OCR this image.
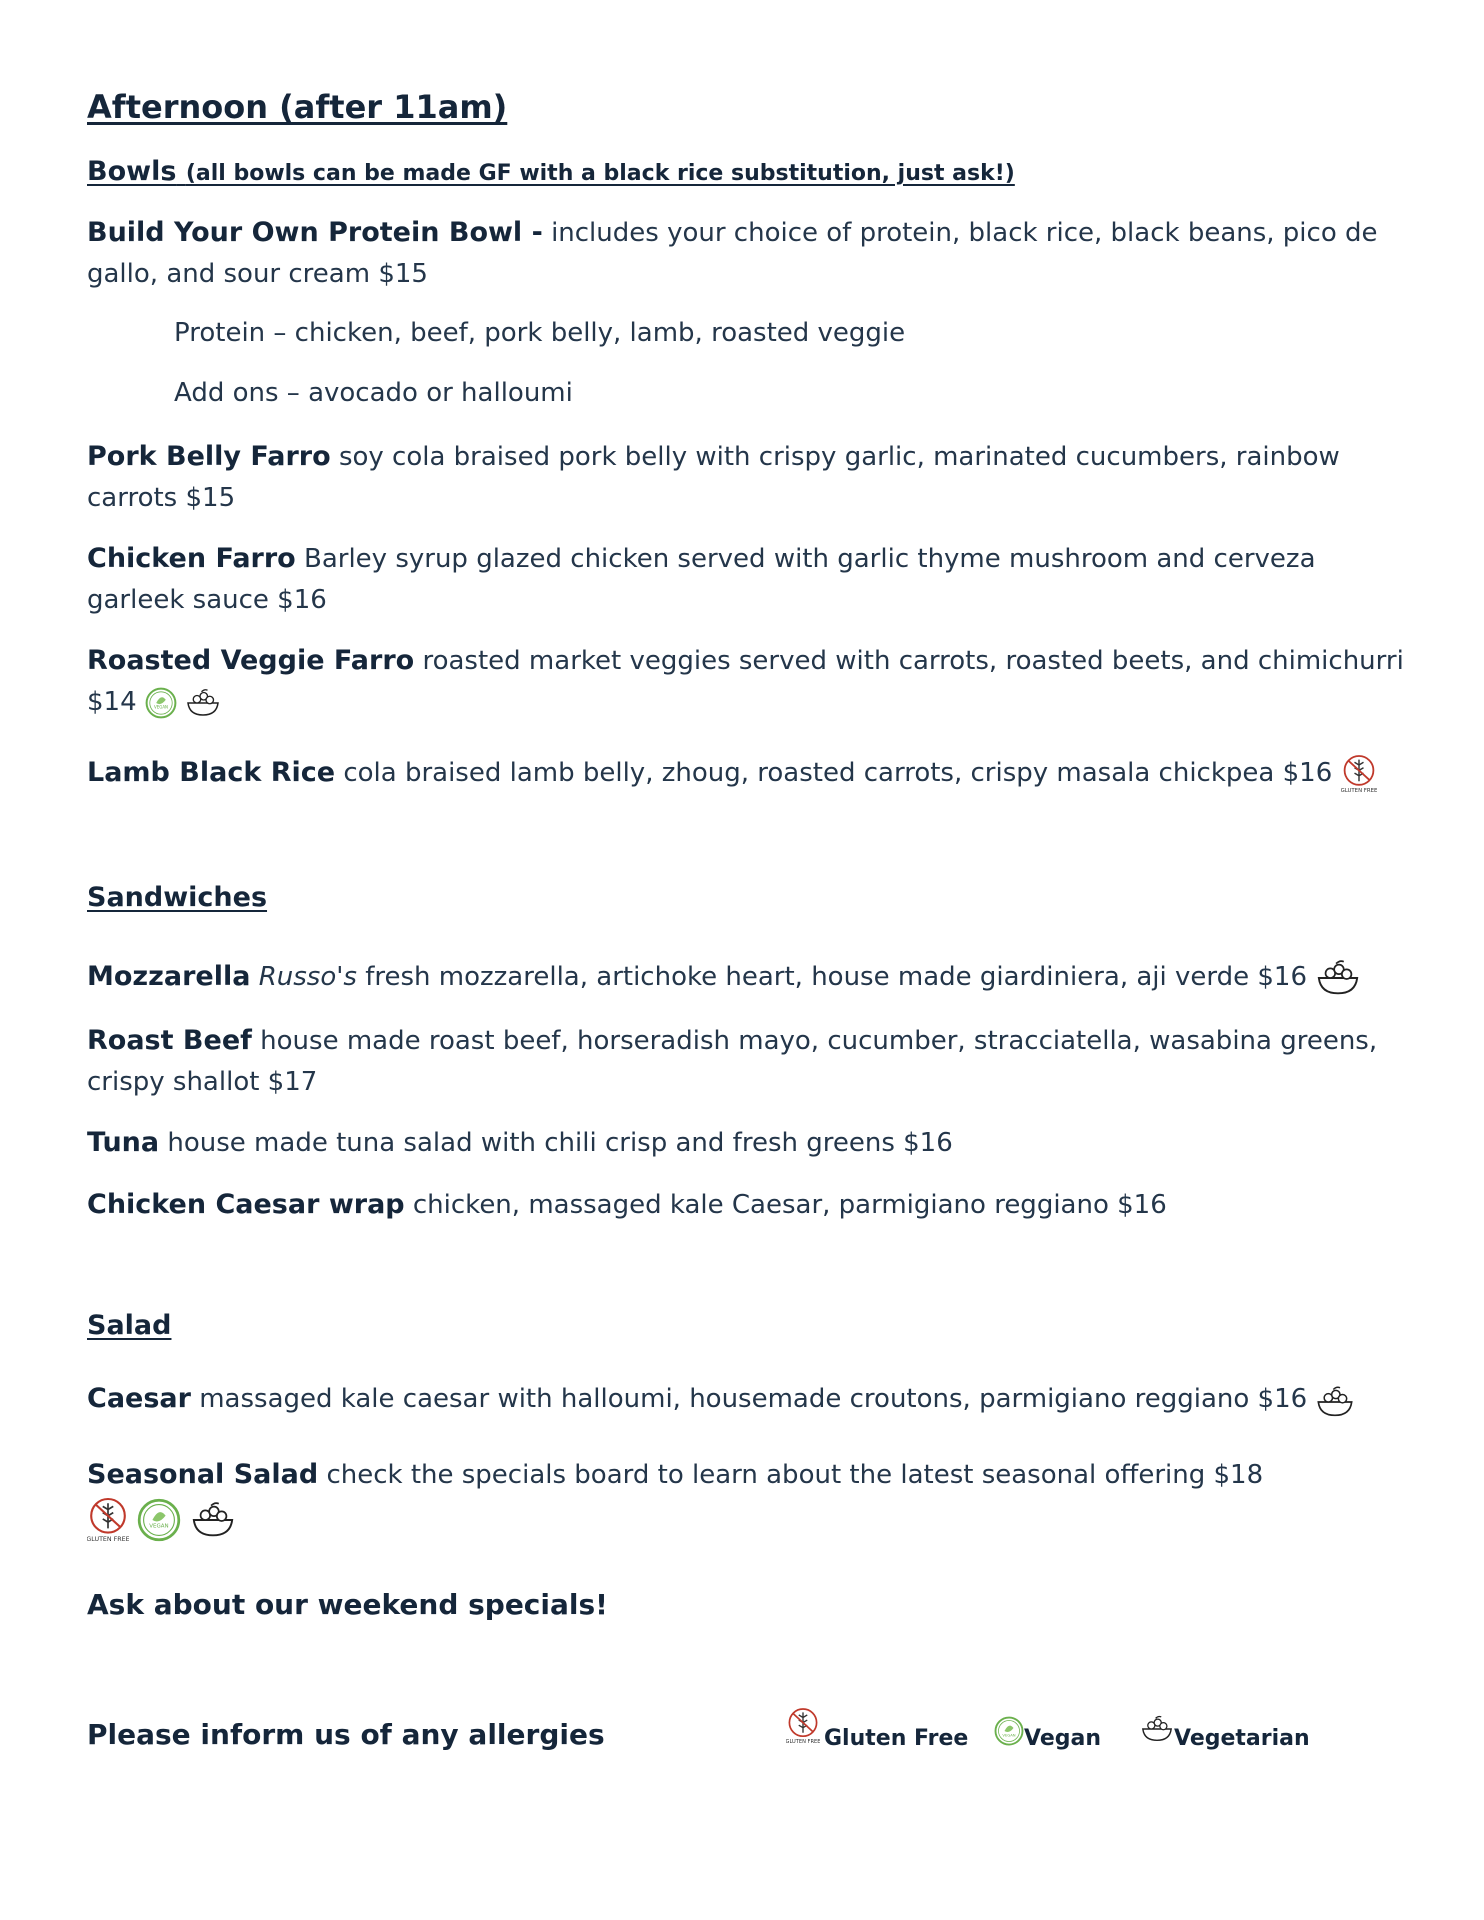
Afternoon (after 11am)
Bowls (all bowls can be made GF with a black rice substitution, just ask!)
Build Your Own Protein Bowl - includes your choice of protein, black rice, black beans, pico de gallo, and sour cream $15
Protein – chicken, beef, pork belly, lamb, roasted veggie
Add ons – avocado or halloumi
Pork Belly Farro soy cola braised pork belly with crispy garlic, marinated cucumbers, rainbow carrots $15
Chicken Farro Barley syrup glazed chicken served with garlic thyme mushroom and cerveza garleek sauce $16
Roasted Veggie Farro roasted market veggies served with carrots, roasted beets, and chimichurri $14
Lamb Black Rice cola braised lamb belly, zhoug, roasted carrots, crispy masala chickpea $16
Sandwiches
Mozzarella Russo's fresh mozzarella, artichoke heart, house made giardiniera, aji verde $16
Roast Beef house made roast beef, horseradish mayo, cucumber, stracciatella, wasabina greens, crispy shallot $17
Tuna house made tuna salad with chili crisp and fresh greens $16
Chicken Caesar wrap chicken, massaged kale Caesar, parmigiano reggiano $16
Salad
Caesar massaged kale caesar with halloumi, housemade croutons, parmigiano reggiano $16
Seasonal Salad check the specials board to learn about the latest seasonal offering $18
Ask about our weekend specials!
Please inform us of any allergies	Gluten Free	Vegan	Vegetarian
